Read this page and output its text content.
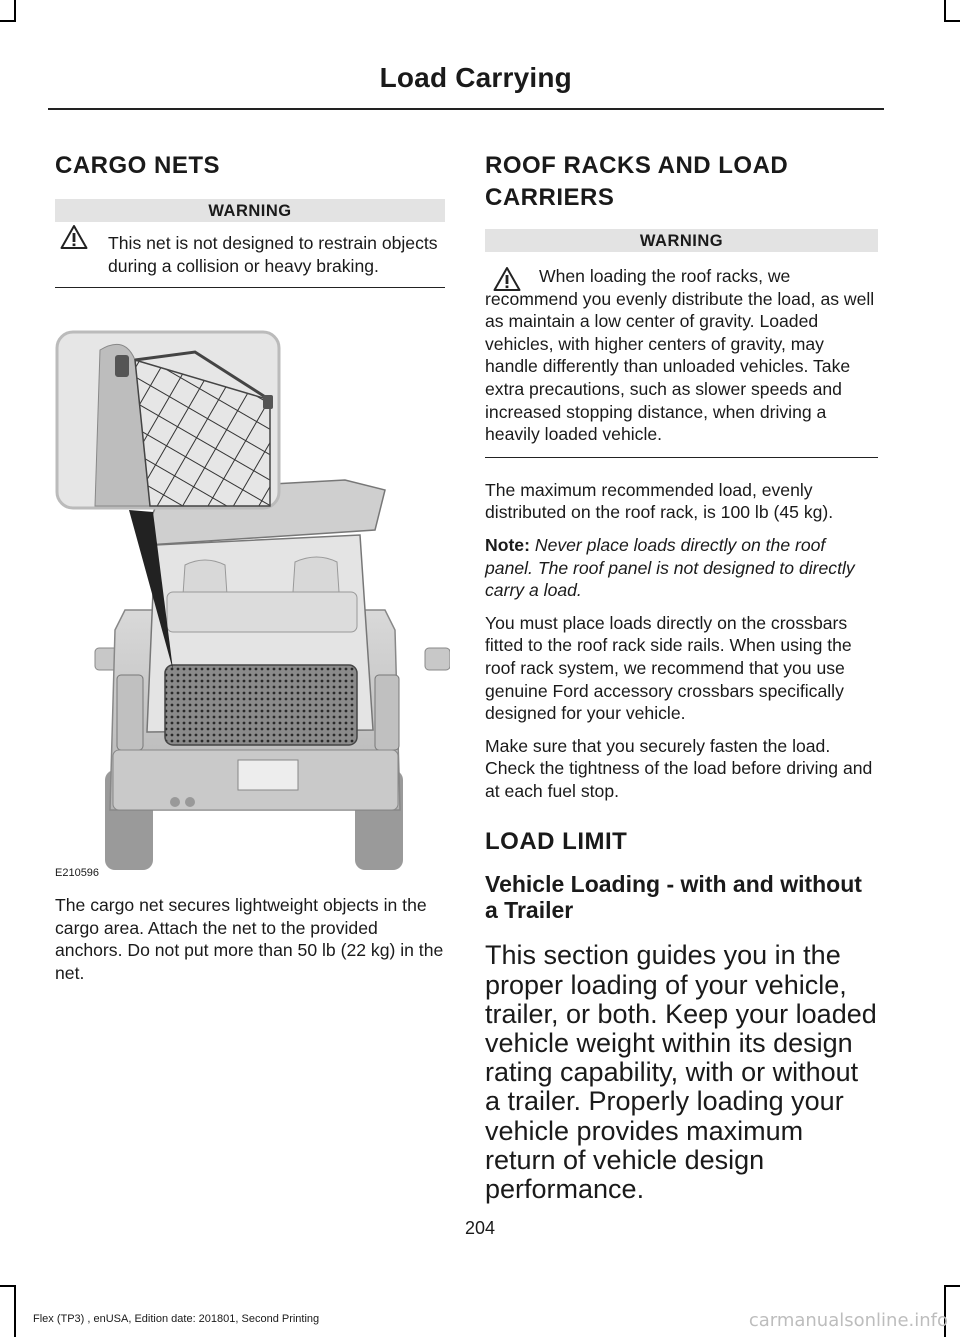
Load Carrying
CARGO NETS
WARNING

This net is not designed to restrain objects during a collision or heavy braking.

E210596

The cargo net secures lightweight objects in the cargo area. Attach the net to the provided anchors. Do not put more than 50 lb (22 kg) in the net.

ROOF RACKS AND LOAD
CARRIERS
WARNING

When loading the roof racks, we recommend you evenly distribute the load, as well as maintain a low center of gravity. Loaded vehicles, with higher centers of gravity, may handle differently than unloaded vehicles. Take extra precautions, such as slower speeds and increased stopping distance, when driving a heavily loaded vehicle.

The maximum recommended load, evenly distributed on the roof rack, is 100 lb (45 kg).

Note: Never place loads directly on the roof panel. The roof panel is not designed to directly carry a load.

You must place loads directly on the crossbars fitted to the roof rack side rails. When using the roof rack system, we recommend that you use genuine Ford accessory crossbars specifically designed for your vehicle.

Make sure that you securely fasten the load. Check the tightness of the load before driving and at each fuel stop.

LOAD LIMIT
Vehicle Loading - with and without a Trailer

This section guides you in the proper loading of your vehicle, trailer, or both. Keep your loaded vehicle weight within its design rating capability, with or without a trailer. Properly loading your vehicle provides maximum return of vehicle design performance.

204
Flex (TP3) , enUSA, Edition date: 201801, Second Printing	carmanualsonline.info
